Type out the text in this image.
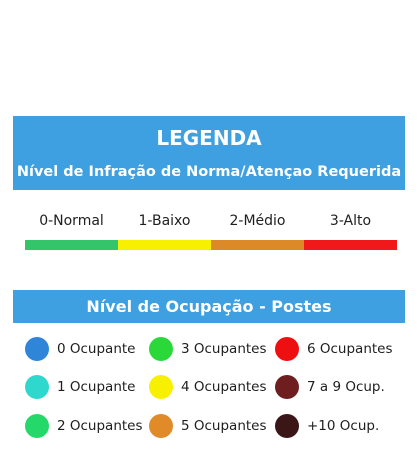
LEGENDA
Nível de Infração de Norma/Atençao Requerida
0-Normal	1-Baixo	2-Médio	3-Alto
Nível de Ocupação - Postes
0 Ocupante
1 Ocupante
2 Ocupantes
3 Ocupantes
4 Ocupantes
5 Ocupantes
6 Ocupantes
7 a 9 Ocup.
+10 Ocup.
